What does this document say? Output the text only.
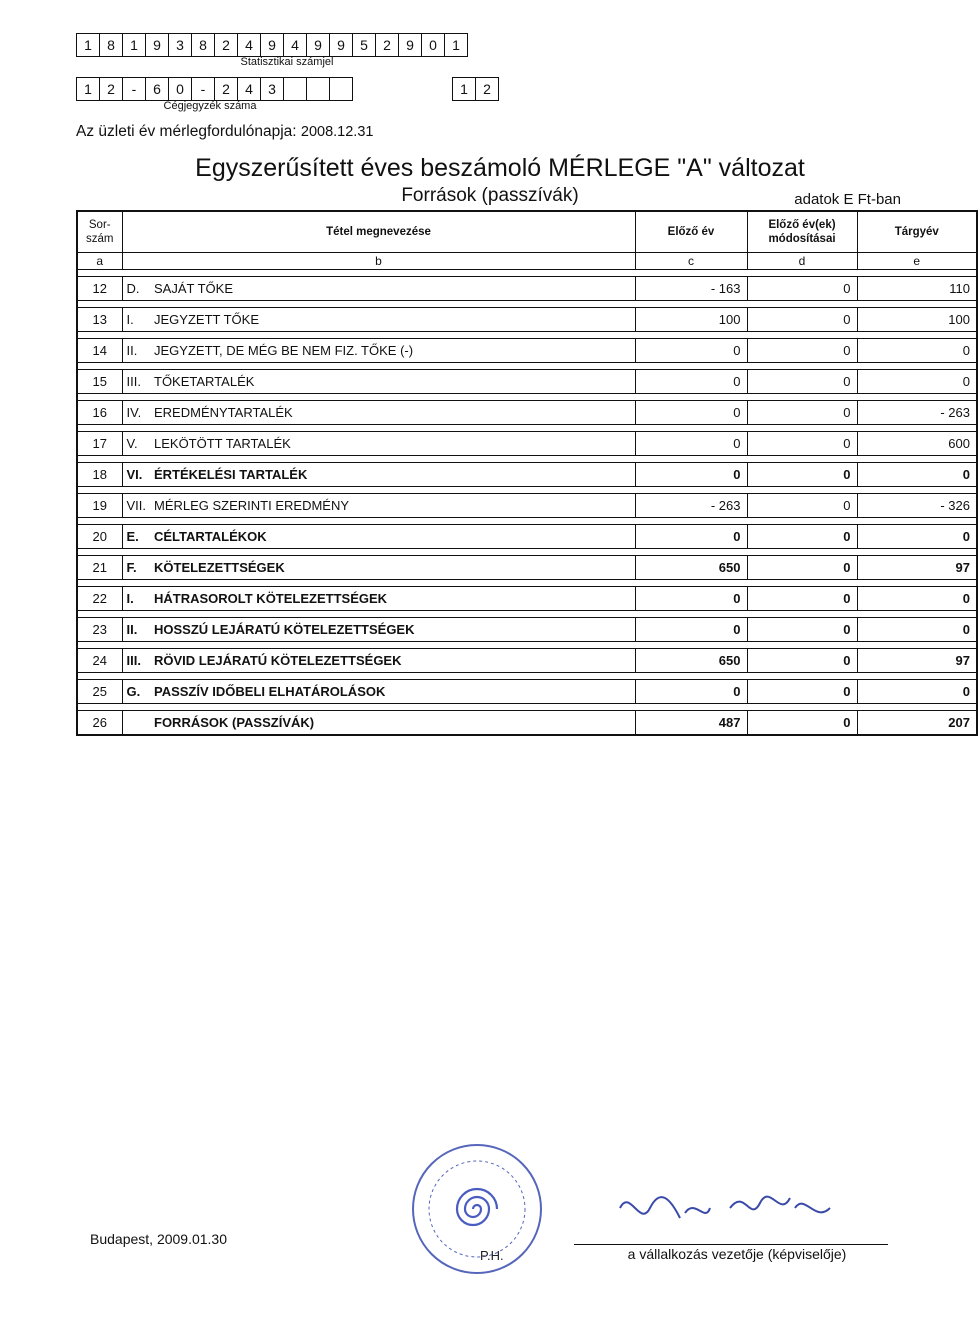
1	8	1	9	3	8	2	4	9	4	9	9	5	2	9	0	1
Statisztikai számjel
1	2	-	6	0	-	2	4	3	1	2
Cégjegyzék száma
Az üzleti év mérlegfordulónapja: 2008.12.31
Egyszerűsített éves beszámoló MÉRLEGE "A" változat
Források (passzívák)	adatok E Ft-ban
Sor-szám	Tétel megnevezése		Előző év	Előző év(ek) módosításai	Tárgyév
a	b		c	d	e

12	D.	SAJÁT TŐKE	- 163	0	110

13	I.	JEGYZETT TŐKE	100	0	100

14	II.	JEGYZETT, DE MÉG BE NEM FIZ. TŐKE (-)	0	0	0

15	III.	TŐKETARTALÉK	0	0	0

16	IV.	EREDMÉNYTARTALÉK	0	0	- 263

17	V.	LEKÖTÖTT TARTALÉK	0	0	600

18	VI.	ÉRTÉKELÉSI TARTALÉK	0	0	0

19	VII.	MÉRLEG SZERINTI EREDMÉNY	- 263	0	- 326

20	E.	CÉLTARTALÉKOK	0	0	0

21	F.	KÖTELEZETTSÉGEK	650	0	97

22	I.	HÁTRASOROLT KÖTELEZETTSÉGEK	0	0	0

23	II.	HOSSZÚ LEJÁRATÚ KÖTELEZETTSÉGEK	0	0	0

24	III.	RÖVID LEJÁRATÚ KÖTELEZETTSÉGEK	650	0	97

25	G.	PASSZÍV IDŐBELI ELHATÁROLÁSOK	0	0	0

26		FORRÁSOK (PASSZÍVÁK)	487	0	207
Budapest, 2009.01.30
P.H.	a vállalkozás vezetője (képviselője)
